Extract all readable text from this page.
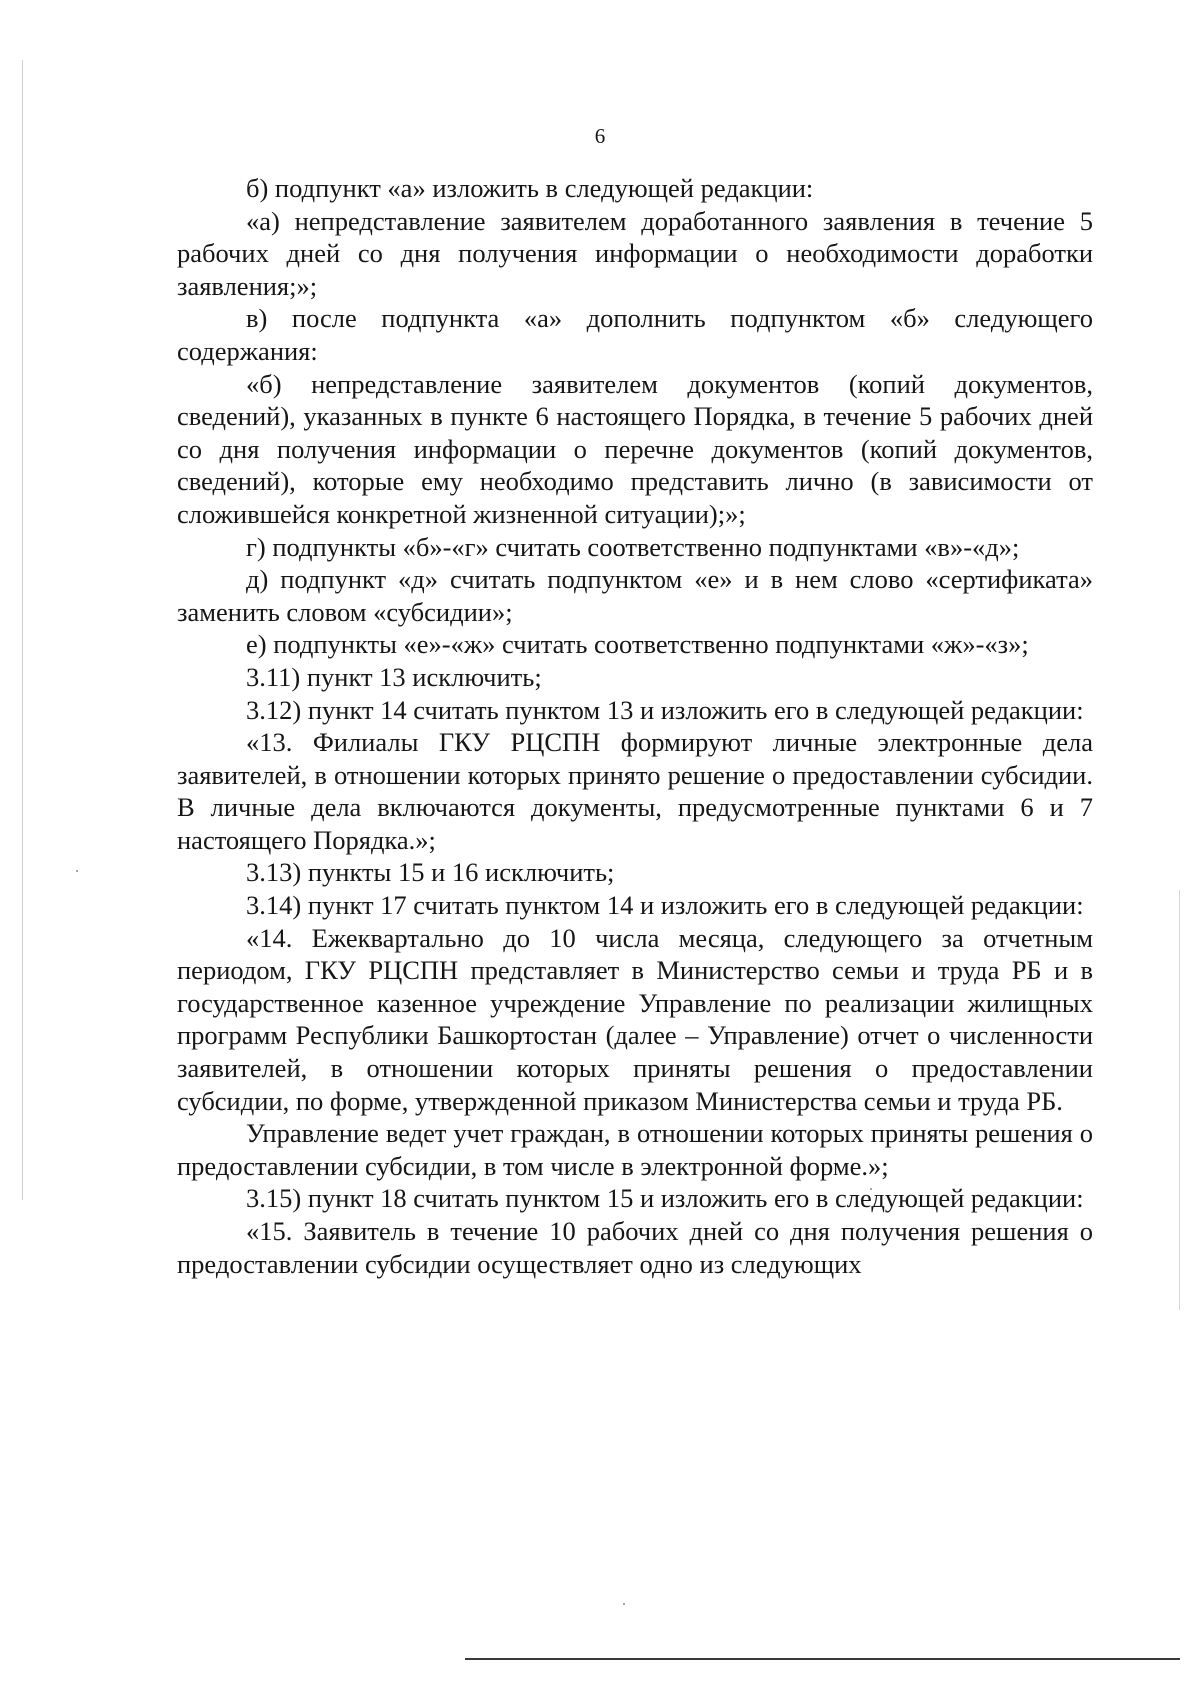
6

б) подпункт «а» изложить в следующей редакции:

«а) непредставление заявителем доработанного заявления в течение 5 рабочих дней со дня получения информации о необходимости доработки заявления;»;

в) после подпункта «а» дополнить подпунктом «б» следующего содержания:

«б) непредставление заявителем документов (копий документов, сведений), указанных в пункте 6 настоящего Порядка, в течение 5 рабочих дней со дня получения информации о перечне документов (копий документов, сведений), которые ему необходимо представить лично (в зависимости от сложившейся конкретной жизненной ситуации);»;

г) подпункты «б»-«г» считать соответственно подпунктами «в»-«д»;

д) подпункт «д» считать подпунктом «е» и в нем слово «сертификата» заменить словом «субсидии»;

е) подпункты «е»-«ж» считать соответственно подпунктами «ж»-«з»;

3.11) пункт 13 исключить;

3.12) пункт 14 считать пунктом 13 и изложить его в следующей редакции:

«13. Филиалы ГКУ РЦСПН формируют личные электронные дела заявителей, в отношении которых принято решение о предоставлении субсидии. В личные дела включаются документы, предусмотренные пунктами 6 и 7 настоящего Порядка.»;

3.13) пункты 15 и 16 исключить;

3.14) пункт 17 считать пунктом 14 и изложить его в следующей редакции:

«14. Ежеквартально до 10 числа месяца, следующего за отчетным периодом, ГКУ РЦСПН представляет в Министерство семьи и труда РБ и в государственное казенное учреждение Управление по реализации жилищных программ Республики Башкортостан (далее – Управление) отчет о численности заявителей, в отношении которых приняты решения о предоставлении субсидии, по форме, утвержденной приказом Министерства семьи и труда РБ.

Управление ведет учет граждан, в отношении которых приняты решения о предоставлении субсидии, в том числе в электронной форме.»;

3.15) пункт 18 считать пунктом 15 и изложить его в следующей редакции:

«15. Заявитель в течение 10 рабочих дней со дня получения решения о предоставлении субсидии осуществляет одно из следующих
